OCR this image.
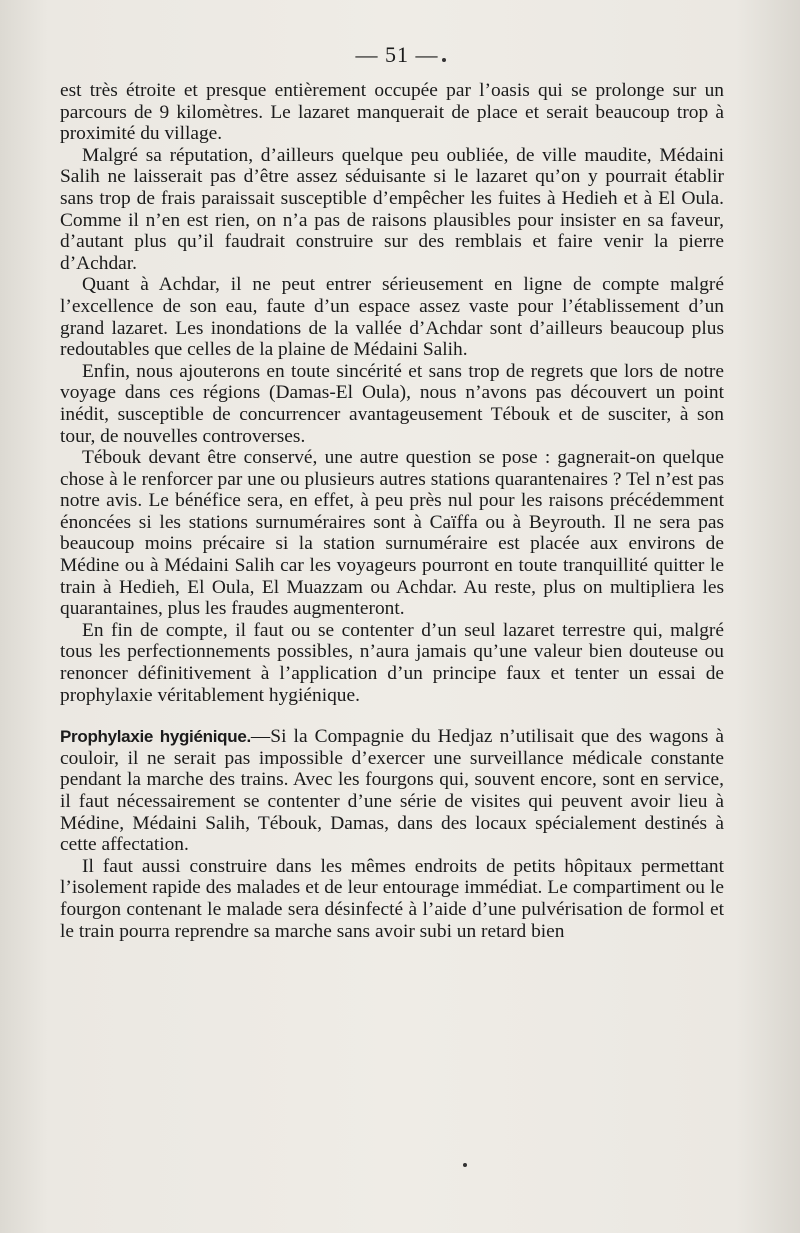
— 51 —

est très étroite et presque entièrement occupée par l’oasis qui se prolonge sur un parcours de 9 kilomètres. Le lazaret manquerait de place et serait beaucoup trop à proximité du village.

Malgré sa réputation, d’ailleurs quelque peu oubliée, de ville maudite, Médaini Salih ne laisserait pas d’être assez séduisante si le lazaret qu’on y pourrait établir sans trop de frais paraissait susceptible d’empêcher les fuites à Hedieh et à El Oula. Comme il n’en est rien, on n’a pas de raisons plausibles pour insister en sa faveur, d’autant plus qu’il faudrait construire sur des remblais et faire venir la pierre d’Achdar.

Quant à Achdar, il ne peut entrer sérieusement en ligne de compte malgré l’excellence de son eau, faute d’un espace assez vaste pour l’établissement d’un grand lazaret. Les inondations de la vallée d’Achdar sont d’ailleurs beaucoup plus redoutables que celles de la plaine de Médaini Salih.

Enfin, nous ajouterons en toute sincérité et sans trop de regrets que lors de notre voyage dans ces régions (Damas-El Oula), nous n’avons pas découvert un point inédit, susceptible de concurrencer avantageusement Tébouk et de susciter, à son tour, de nouvelles controverses.

Tébouk devant être conservé, une autre question se pose : gagnerait-on quelque chose à le renforcer par une ou plusieurs autres stations quarantenaires ? Tel n’est pas notre avis. Le bénéfice sera, en effet, à peu près nul pour les raisons précédemment énoncées si les stations surnuméraires sont à Caïffa ou à Beyrouth. Il ne sera pas beaucoup moins précaire si la station surnuméraire est placée aux environs de Médine ou à Médaini Salih car les voyageurs pourront en toute tranquillité quitter le train à Hedieh, El Oula, El Muazzam ou Achdar. Au reste, plus on multipliera les quarantaines, plus les fraudes augmenteront.

En fin de compte, il faut ou se contenter d’un seul lazaret terrestre qui, malgré tous les perfectionnements possibles, n’aura jamais qu’une valeur bien douteuse ou renoncer définitivement à l’application d’un principe faux et tenter un essai de prophylaxie véritablement hygiénique.

Prophylaxie hygiénique.—Si la Compagnie du Hedjaz n’utilisait que des wagons à couloir, il ne serait pas impossible d’exercer une surveillance médicale constante pendant la marche des trains. Avec les fourgons qui, souvent encore, sont en service, il faut nécessairement se contenter d’une série de visites qui peuvent avoir lieu à Médine, Médaini Salih, Tébouk, Damas, dans des locaux spécialement destinés à cette affectation.

Il faut aussi construire dans les mêmes endroits de petits hôpitaux permettant l’isolement rapide des malades et de leur entourage immédiat. Le compartiment ou le fourgon contenant le malade sera désinfecté à l’aide d’une pulvérisation de formol et le train pourra reprendre sa marche sans avoir subi un retard bien
